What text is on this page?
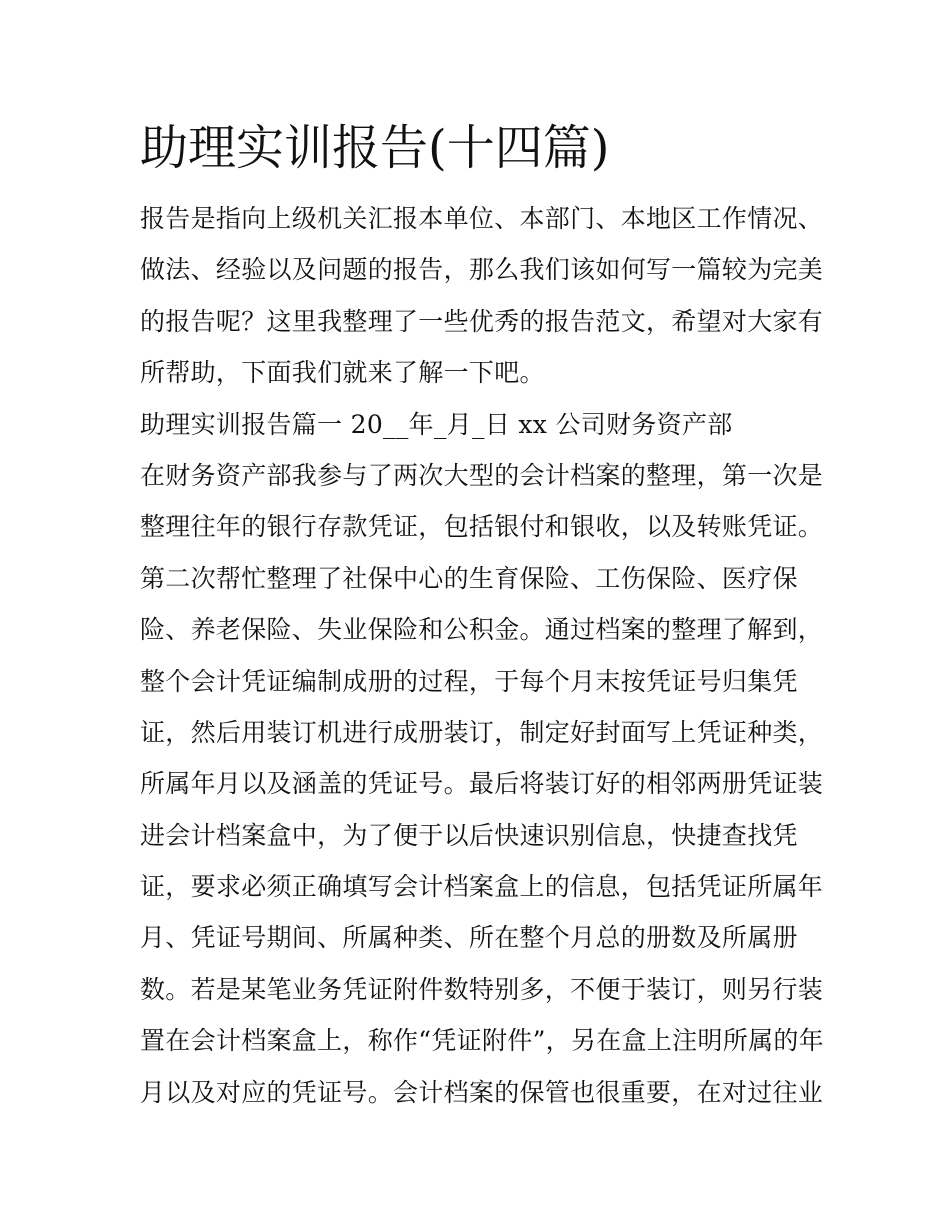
助理实训报告(十四篇)
报告是指向上级机关汇报本单位、本部门、本地区工作情况、
做法、经验以及问题的报告，那么我们该如何写一篇较为完美
的报告呢？这里我整理了一些优秀的报告范文，希望对大家有
所帮助，下面我们就来了解一下吧。
助理实训报告篇一 20__年_月_日 xx 公司财务资产部
在财务资产部我参与了两次大型的会计档案的整理，第一次是
整理往年的银行存款凭证，包括银付和银收，以及转账凭证。
第二次帮忙整理了社保中心的生育保险、工伤保险、医疗保
险、养老保险、失业保险和公积金。通过档案的整理了解到，
整个会计凭证编制成册的过程，于每个月末按凭证号归集凭
证，然后用装订机进行成册装订，制定好封面写上凭证种类，
所属年月以及涵盖的凭证号。最后将装订好的相邻两册凭证装
进会计档案盒中，为了便于以后快速识别信息，快捷查找凭
证，要求必须正确填写会计档案盒上的信息，包括凭证所属年
月、凭证号期间、所属种类、所在整个月总的册数及所属册
数。若是某笔业务凭证附件数特别多，不便于装订，则另行装
置在会计档案盒上，称作“凭证附件”，另在盒上注明所属的年
月以及对应的凭证号。会计档案的保管也很重要，在对过往业
